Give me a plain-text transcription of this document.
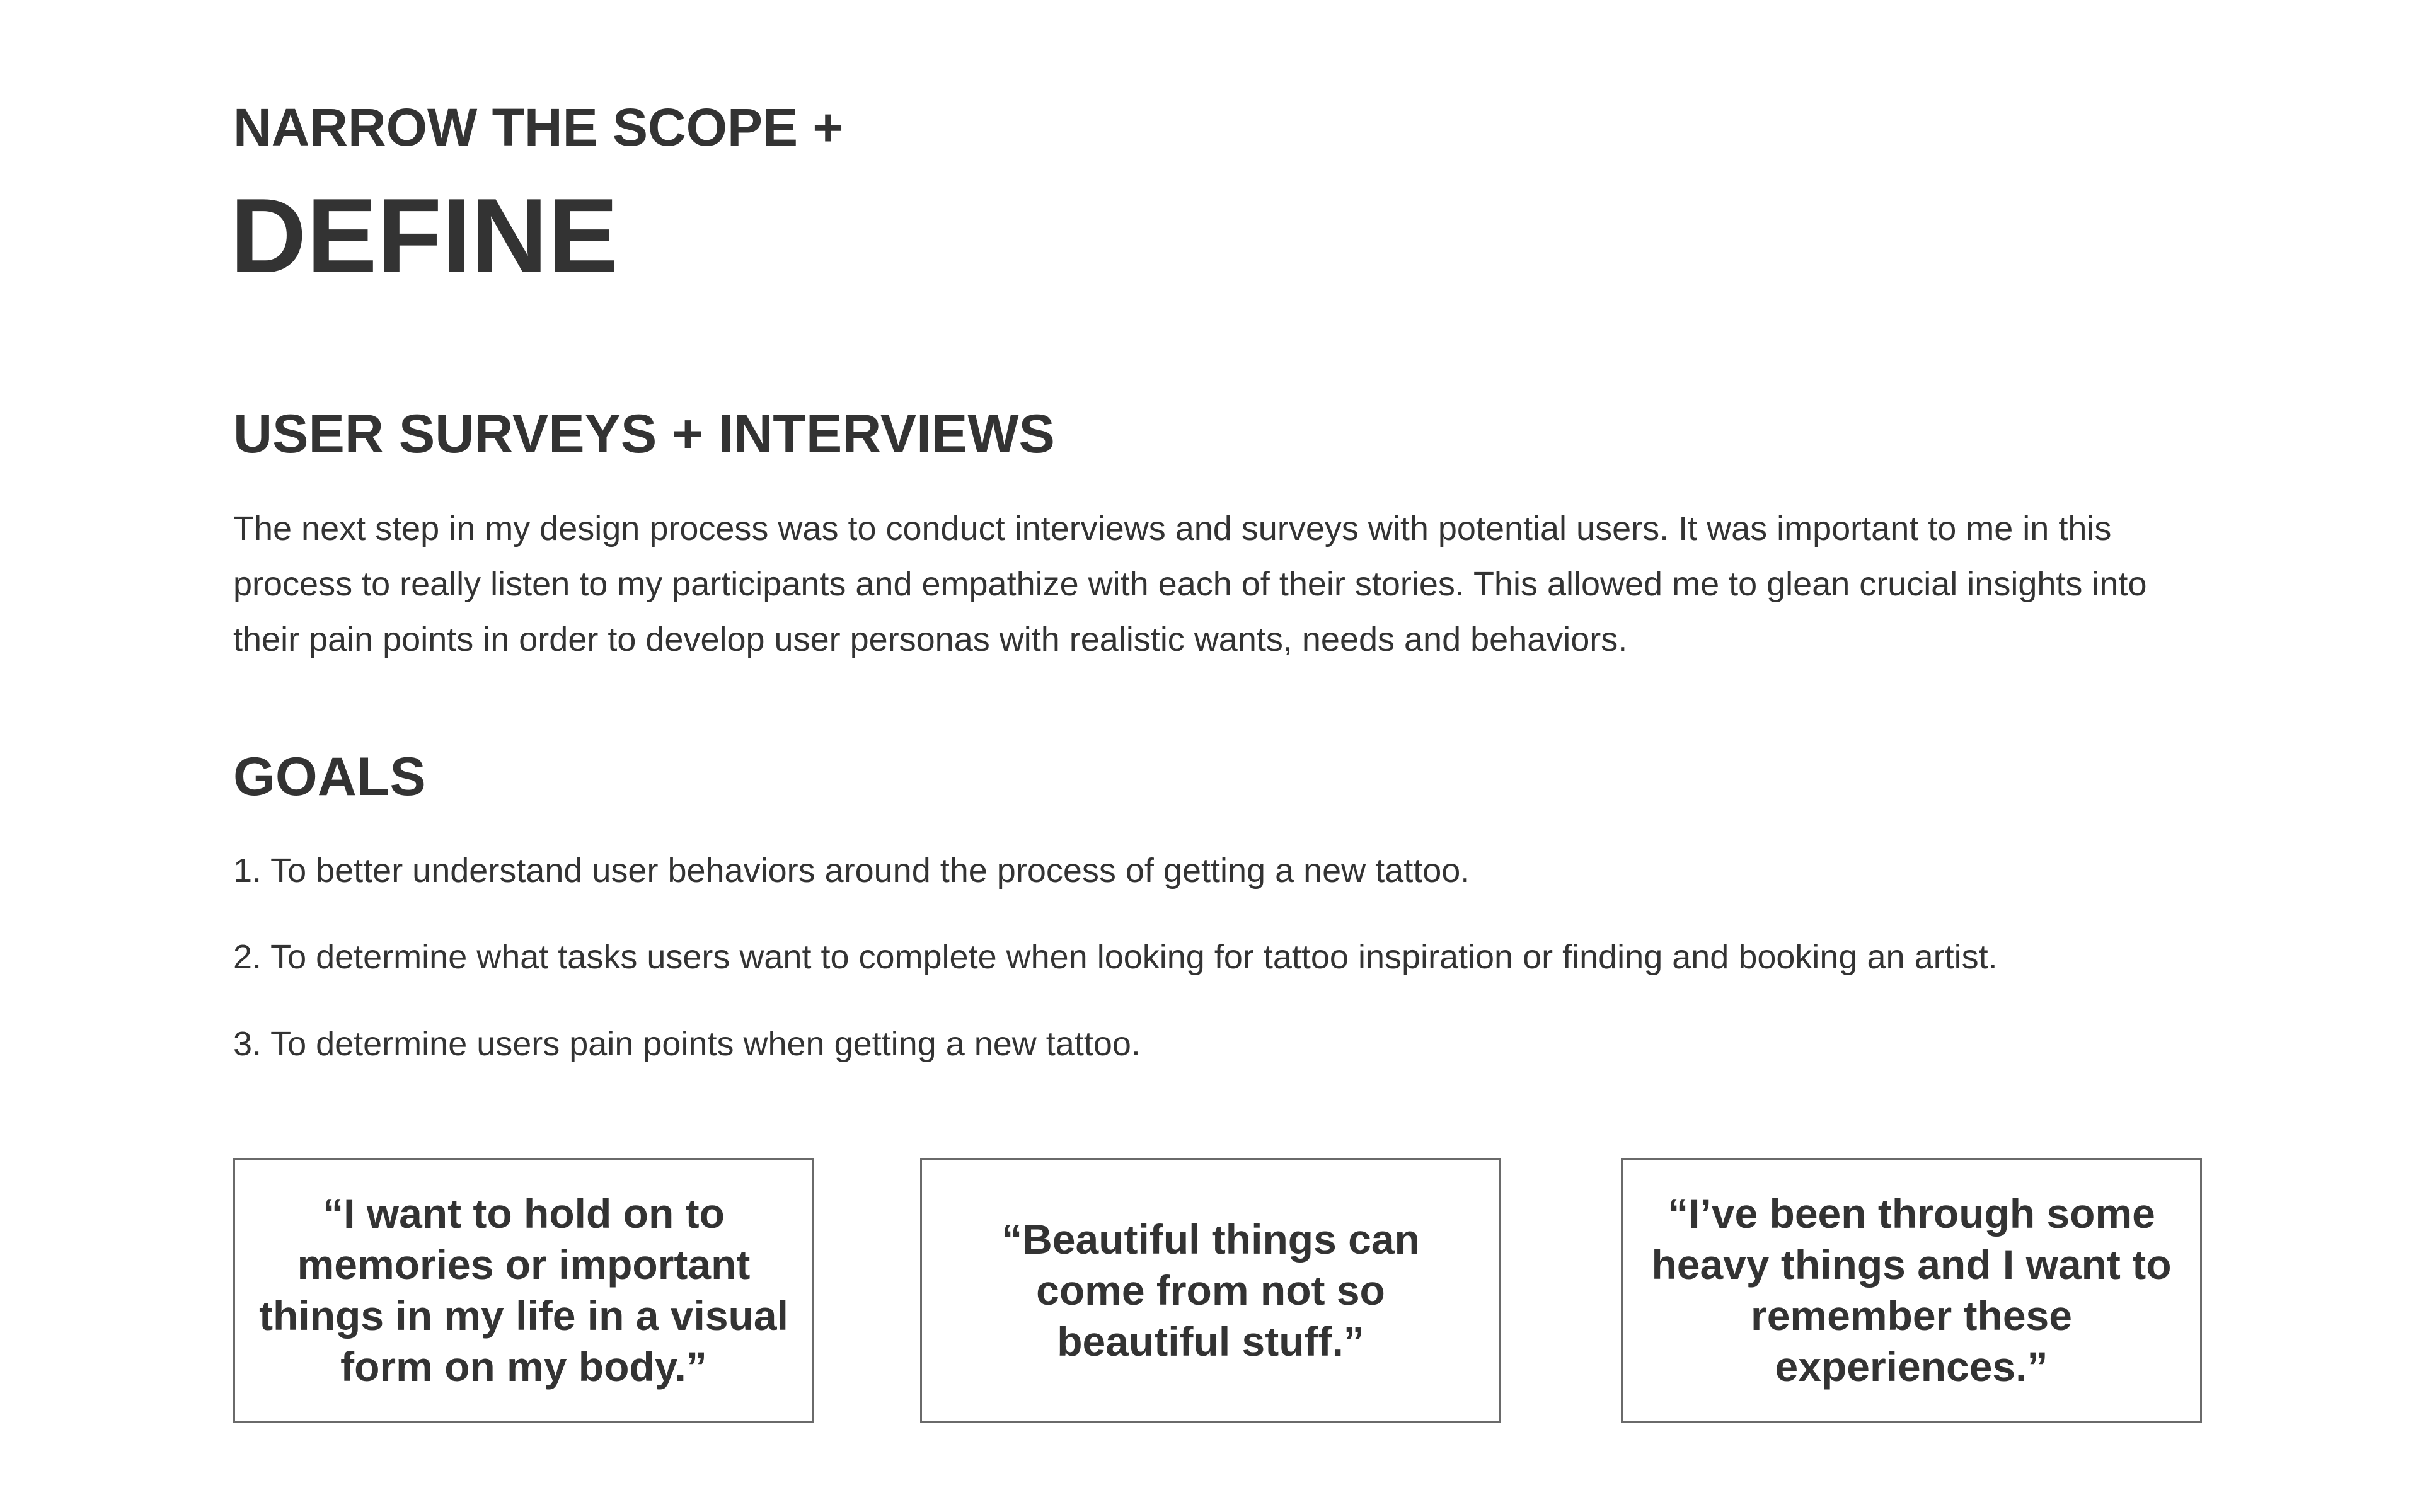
NARROW THE SCOPE +
DEFINE
USER SURVEYS + INTERVIEWS

The next step in my design process was to conduct interviews and surveys with potential users. It was important to me in this process to really listen to my participants and empathize with each of their stories. This allowed me to glean crucial insights into their pain points in order to develop user personas with realistic wants, needs and behaviors.

GOALS

1. To better understand user behaviors around the process of getting a new tattoo.

2. To determine what tasks users want to complete when looking for tattoo inspiration or finding and booking an artist.

3. To determine users pain points when getting a new tattoo.

“I want to hold on to memories or important things in my life in a visual form on my body.”

“Beautiful things can come from not so beautiful stuff.”

“I’ve been through some heavy things and I want to remember these experiences.”
